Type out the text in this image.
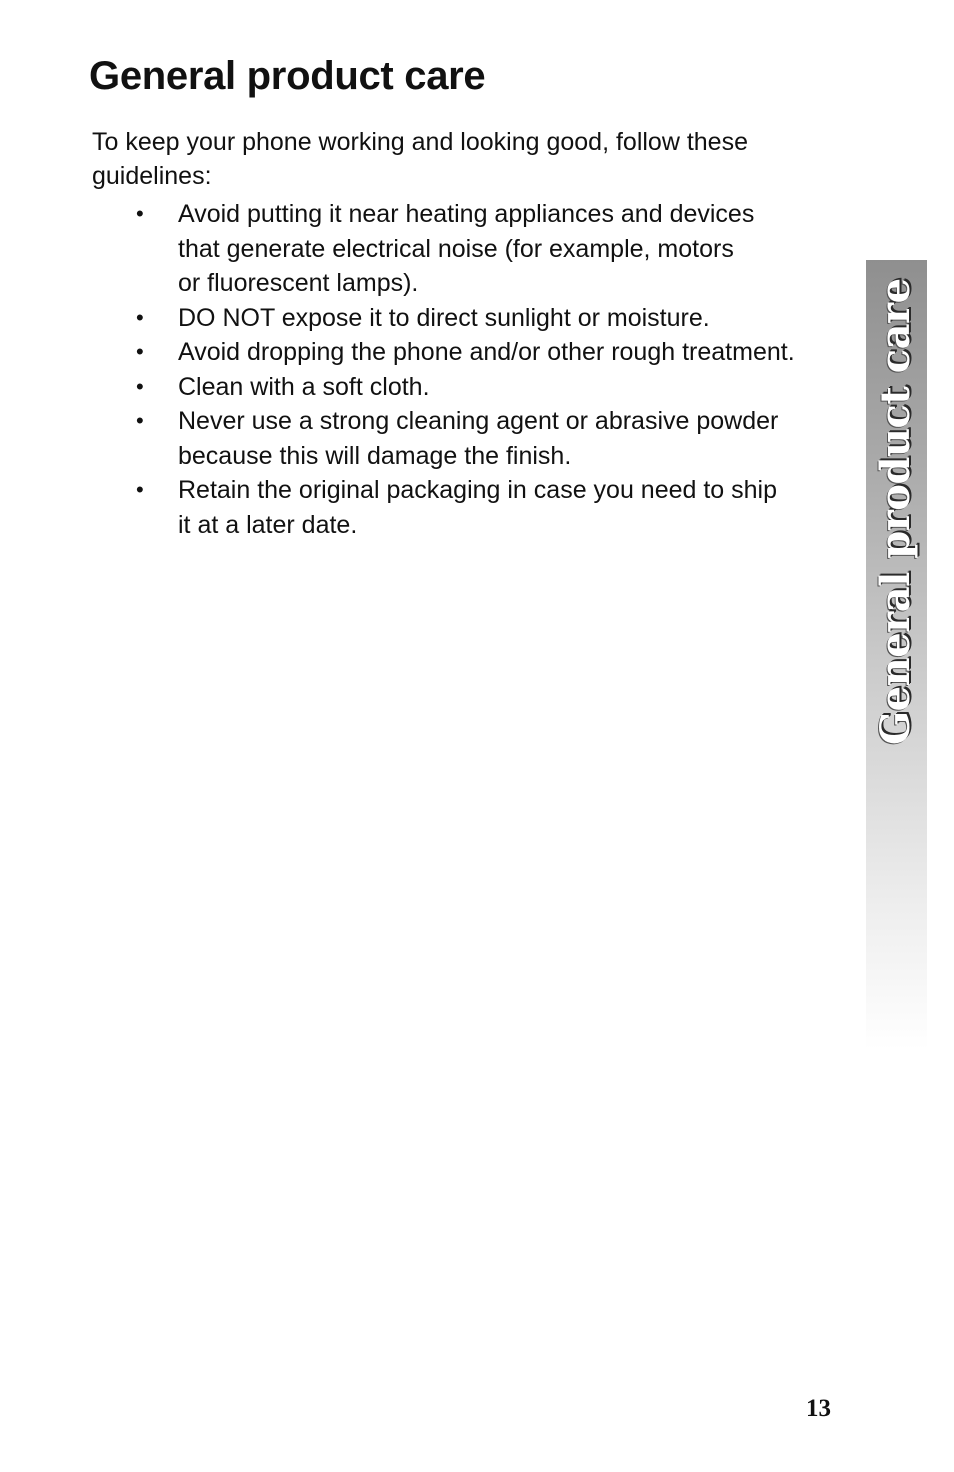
General product care

To keep your phone working and looking good, follow these
guidelines:

•	Avoid putting it near heating appliances and devices
that generate electrical noise (for example, motors
or fluorescent lamps).
•	DO NOT expose it to direct sunlight or moisture.
•	Avoid dropping the phone and/or other rough treatment.
•	Clean with a soft cloth.
•	Never use a strong cleaning agent or abrasive powder
because this will damage the finish.
•	Retain the original packaging in case you need to ship
it at a later date.	General product care
13
